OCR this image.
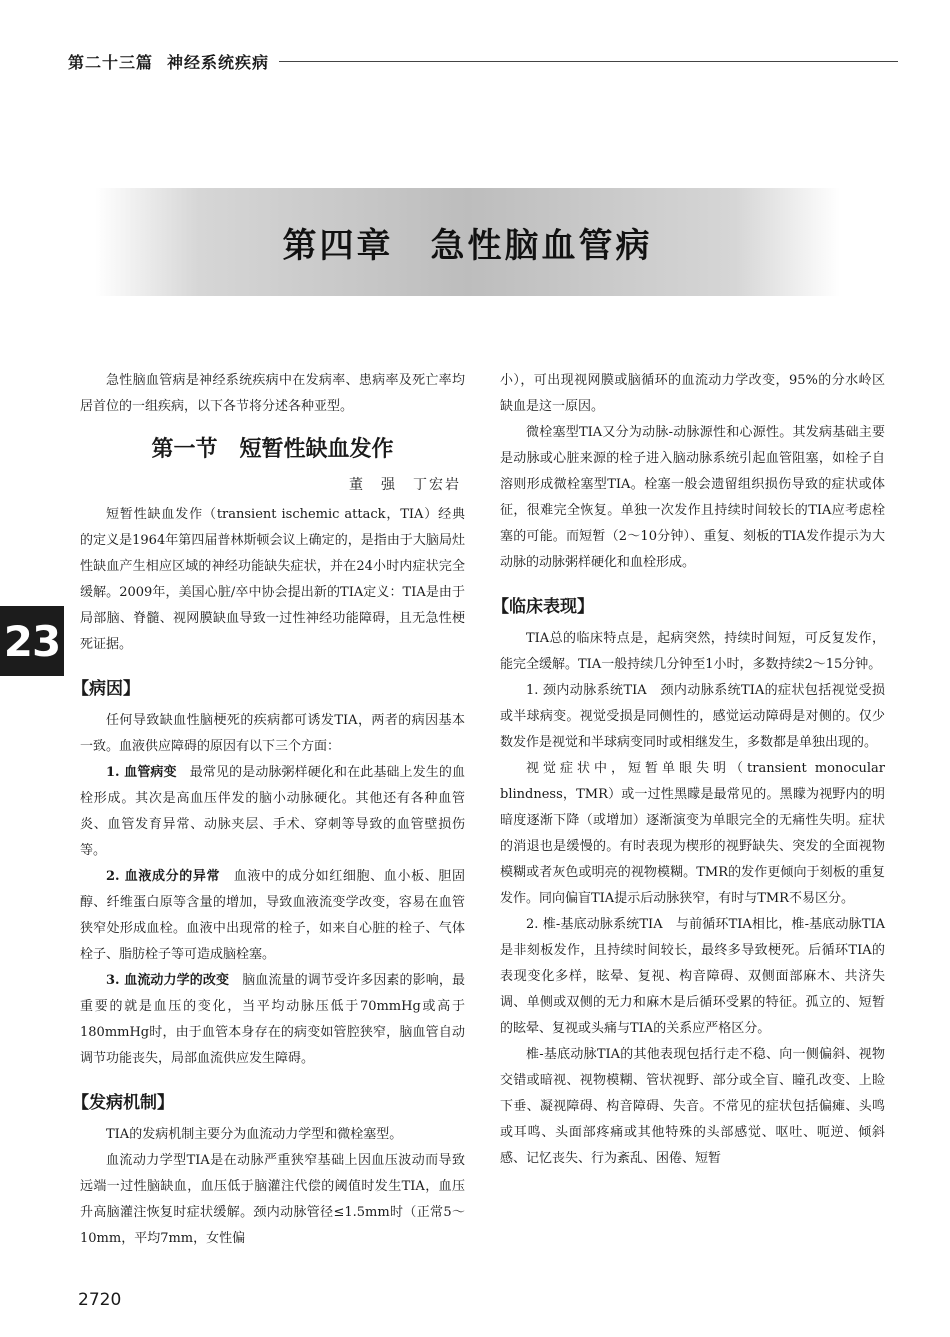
第二十三篇 神经系统疾病
第四章　急性脑血管病
23

急性脑血管病是神经系统疾病中在发病率、患病率及死亡率均居首位的一组疾病，以下各节将分述各种亚型。

第一节　短暂性缺血发作
董　强　丁宏岩

短暂性缺血发作（transient ischemic attack，TIA）经典的定义是1964年第四届普林斯顿会议上确定的，是指由于大脑局灶性缺血产生相应区域的神经功能缺失症状，并在24小时内症状完全缓解。2009年，美国心脏/卒中协会提出新的TIA定义：TIA是由于局部脑、脊髓、视网膜缺血导致一过性神经功能障碍，且无急性梗死证据。

【病因】

任何导致缺血性脑梗死的疾病都可诱发TIA，两者的病因基本一致。血液供应障碍的原因有以下三个方面：

1. 血管病变　 最常见的是动脉粥样硬化和在此基础上发生的血栓形成。其次是高血压伴发的脑小动脉硬化。其他还有各种血管炎、血管发育异常、动脉夹层、手术、穿刺等导致的血管壁损伤等。

2. 血液成分的异常　 血液中的成分如红细胞、血小板、胆固醇、纤维蛋白原等含量的增加，导致血液流变学改变，容易在血管狭窄处形成血栓。血液中出现常的栓子，如来自心脏的栓子、气体栓子、脂肪栓子等可造成脑栓塞。

3. 血流动力学的改变　 脑血流量的调节受许多因素的影响，最重要的就是血压的变化，当平均动脉压低于70mmHg或高于180mmHg时，由于血管本身存在的病变如管腔狭窄，脑血管自动调节功能丧失，局部血流供应发生障碍。

【发病机制】

TIA的发病机制主要分为血流动力学型和微栓塞型。

血流动力学型TIA是在动脉严重狭窄基础上因血压波动而导致远端一过性脑缺血，血压低于脑灌注代偿的阈值时发生TIA，血压升高脑灌注恢复时症状缓解。颈内动脉管径≤1.5mm时（正常5～10mm，平均7mm，女性偏

小），可出现视网膜或脑循环的血流动力学改变，95%的分水岭区缺血是这一原因。

微栓塞型TIA又分为动脉-动脉源性和心源性。其发病基础主要是动脉或心脏来源的栓子进入脑动脉系统引起血管阻塞，如栓子自溶则形成微栓塞型TIA。栓塞一般会遗留组织损伤导致的症状或体征，很难完全恢复。单独一次发作且持续时间较长的TIA应考虑栓塞的可能。而短暂（2～10分钟）、重复、刻板的TIA发作提示为大动脉的动脉粥样硬化和血栓形成。

【临床表现】

TIA总的临床特点是，起病突然，持续时间短，可反复发作，能完全缓解。TIA一般持续几分钟至1小时，多数持续2～15分钟。

1. 颈内动脉系统TIA　 颈内动脉系统TIA的症状包括视觉受损或半球病变。视觉受损是同侧性的，感觉运动障碍是对侧的。仅少数发作是视觉和半球病变同时或相继发生，多数都是单独出现的。

视觉症状中，短暂单眼失明（transient monocular blindness，TMR）或一过性黑矇是最常见的。黑矇为视野内的明暗度逐渐下降（或增加）逐渐演变为单眼完全的无痛性失明。症状的消退也是缓慢的。有时表现为楔形的视野缺失、突发的全面视物模糊或者灰色或明亮的视物模糊。TMR的发作更倾向于刻板的重复发作。同向偏盲TIA提示后动脉狭窄，有时与TMR不易区分。

2. 椎-基底动脉系统TIA　 与前循环TIA相比，椎-基底动脉TIA是非刻板发作，且持续时间较长，最终多导致梗死。后循环TIA的表现变化多样，眩晕、复视、构音障碍、双侧面部麻木、共济失调、单侧或双侧的无力和麻木是后循环受累的特征。孤立的、短暂的眩晕、复视或头痛与TIA的关系应严格区分。

椎-基底动脉TIA的其他表现包括行走不稳、向一侧偏斜、视物交错或暗视、视物模糊、管状视野、部分或全盲、瞳孔改变、上睑下垂、凝视障碍、构音障碍、失音。不常见的症状包括偏瘫、头鸣或耳鸣、头面部疼痛或其他特殊的头部感觉、呕吐、呃逆、倾斜感、记忆丧失、行为紊乱、困倦、短暂

2720
